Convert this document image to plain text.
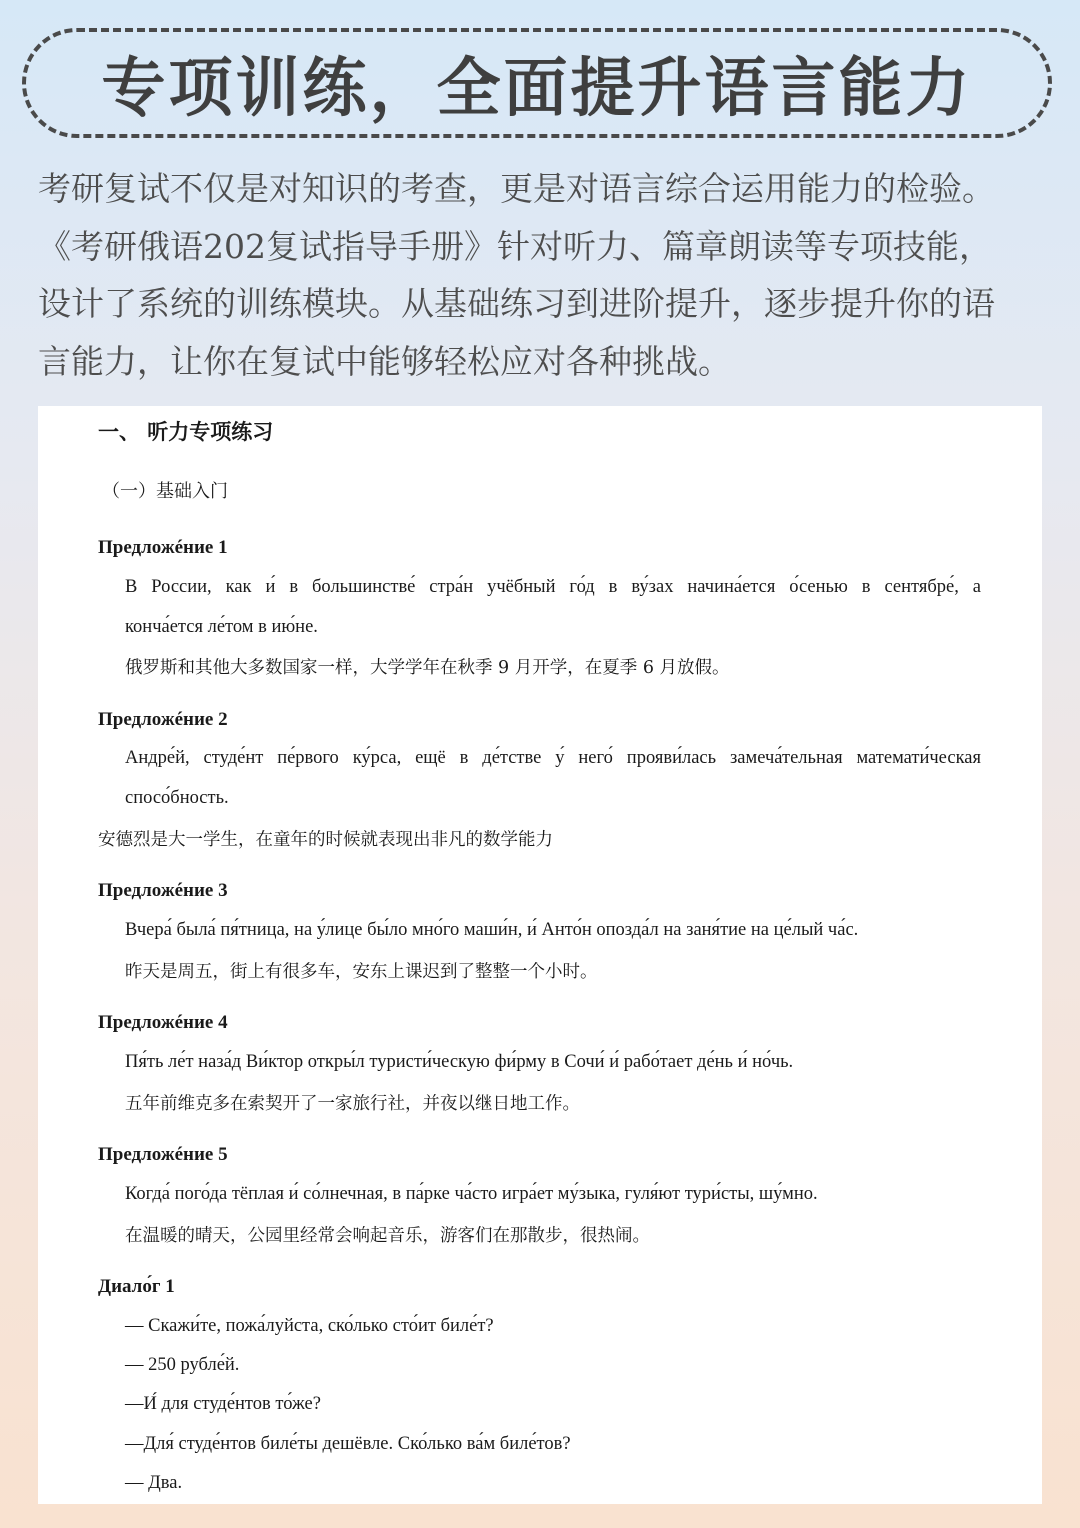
专项训练，全面提升语言能力
考研复试不仅是对知识的考查，更是对语言综合运用能力的检验。
《考研俄语202复试指导手册》针对听力、篇章朗读等专项技能，
设计了系统的训练模块。从基础练习到进阶提升，逐步提升你的语
言能力，让你在复试中能够轻松应对各种挑战。
一、 听力专项练习
（一）基础入门
Предложéние 1
В России, как и́ в большинстве́ стра́н учёбный го́д в ву́зах начина́ется о́сенью в сентябре́, а
конча́ется ле́том в ию́не.
俄罗斯和其他大多数国家一样，大学学年在秋季 9 月开学，在夏季 6 月放假。
Предложéние 2
Андре́й, студе́нт пе́рвого ку́рса, ещё в де́тстве у́ него́ прояви́лась замеча́тельная математи́ческая
спосо́бность.
安德烈是大一学生，在童年的时候就表现出非凡的数学能力
Предложéние 3
Вчера́ была́ пя́тница, на у́лице бы́ло мно́го маши́н, и́ Анто́н опозда́л на заня́тие на це́лый ча́с.
昨天是周五，街上有很多车，安东上课迟到了整整一个小时。
Предложéние 4
Пя́ть ле́т наза́д Ви́ктор откры́л туристи́ческую фи́рму в Сочи́ и́ рабо́тает де́нь и́ но́чь.
五年前维克多在索契开了一家旅行社，并夜以继日地工作。
Предложéние 5
Когда́ пого́да тёплая и́ со́лнечная, в па́рке ча́сто игра́ет му́зыка, гуля́ют тури́сты, шу́мно.
在温暖的晴天，公园里经常会响起音乐，游客们在那散步，很热闹。
Диало́г 1
— Скажи́те, пожа́луйста, ско́лько сто́ит биле́т?
— 250 рубле́й.
—И́ для студе́нтов то́же?
—Для́ студе́нтов биле́ты дешёвле. Ско́лько ва́м биле́тов?
— Два.
